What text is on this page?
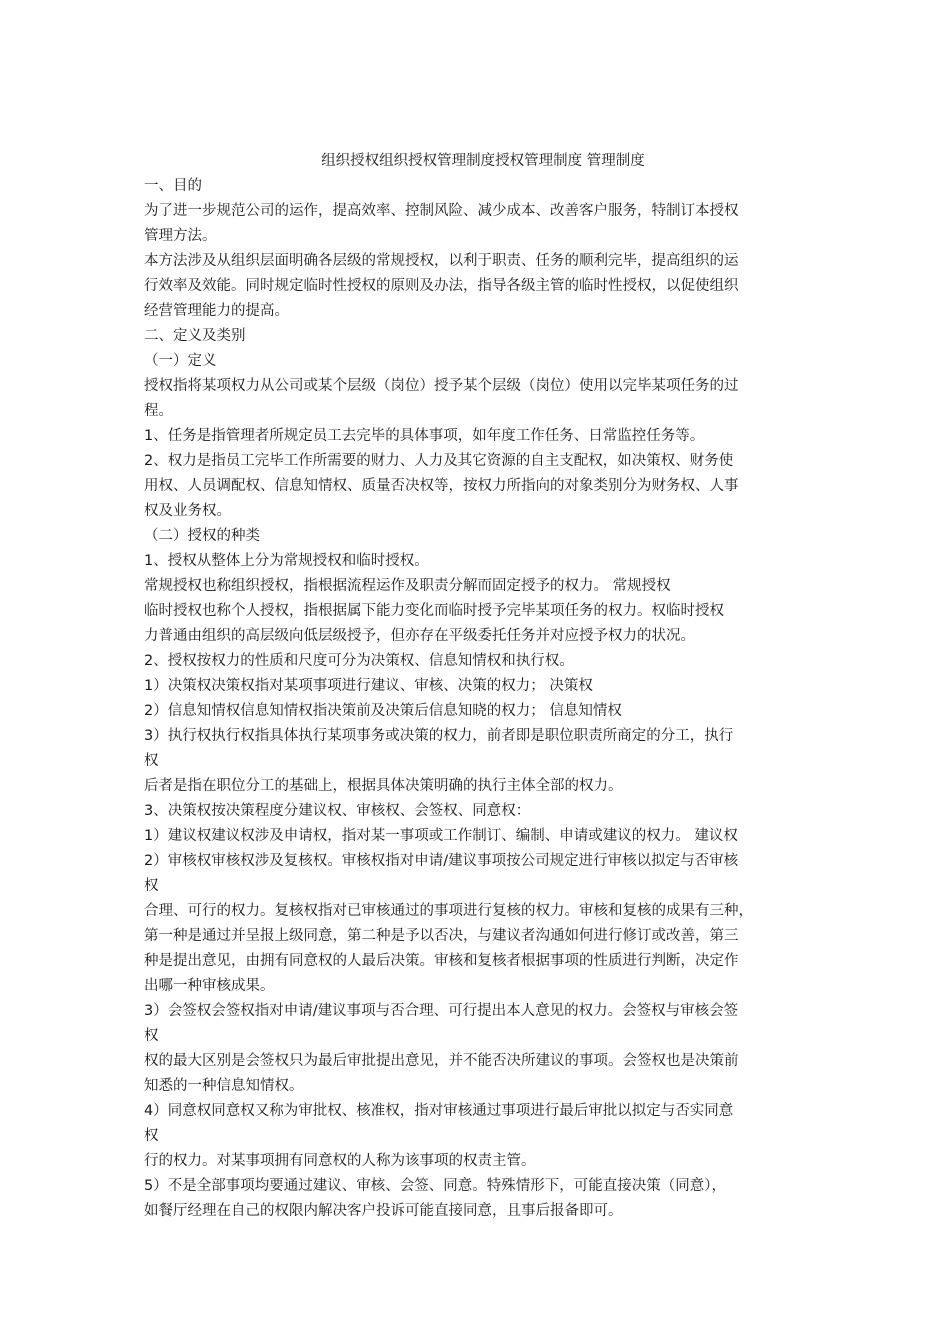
组织授权组织授权管理制度授权管理制度 管理制度
一、目的
为了进一步规范公司的运作，提高效率、控制风险、减少成本、改善客户服务，特制订本授权
管理方法。
本方法涉及从组织层面明确各层级的常规授权，以利于职责、任务的顺利完毕，提高组织的运
行效率及效能。同时规定临时性授权的原则及办法，指导各级主管的临时性授权，以促使组织
经营管理能力的提高。
二、定义及类别
（一）定义
授权指将某项权力从公司或某个层级（岗位）授予某个层级（岗位）使用以完毕某项任务的过
程。
1、任务是指管理者所规定员工去完毕的具体事项，如年度工作任务、日常监控任务等。
2、权力是指员工完毕工作所需要的财力、人力及其它资源的自主支配权，如决策权、财务使
用权、人员调配权、信息知情权、质量否决权等，按权力所指向的对象类别分为财务权、人事
权及业务权。
（二）授权的种类
1、授权从整体上分为常规授权和临时授权。
常规授权也称组织授权，指根据流程运作及职责分解而固定授予的权力。 常规授权
临时授权也称个人授权，指根据属下能力变化而临时授予完毕某项任务的权力。权临时授权
力普通由组织的高层级向低层级授予，但亦存在平级委托任务并对应授予权力的状况。
2、授权按权力的性质和尺度可分为决策权、信息知情权和执行权。
1）决策权决策权指对某项事项进行建议、审核、决策的权力； 决策权
2）信息知情权信息知情权指决策前及决策后信息知晓的权力； 信息知情权
3）执行权执行权指具体执行某项事务或决策的权力，前者即是职位职责所商定的分工，执行
权
后者是指在职位分工的基础上，根据具体决策明确的执行主体全部的权力。
3、决策权按决策程度分建议权、审核权、会签权、同意权：
1）建议权建议权涉及申请权，指对某一事项或工作制订、编制、申请或建议的权力。 建议权
2）审核权审核权涉及复核权。审核权指对申请/建议事项按公司规定进行审核以拟定与否审核
权
合理、可行的权力。复核权指对已审核通过的事项进行复核的权力。审核和复核的成果有三种，
第一种是通过并呈报上级同意，第二种是予以否决，与建议者沟通如何进行修订或改善，第三
种是提出意见，由拥有同意权的人最后决策。审核和复核者根据事项的性质进行判断，决定作
出哪一种审核成果。
3）会签权会签权指对申请/建议事项与否合理、可行提出本人意见的权力。会签权与审核会签
权
权的最大区别是会签权只为最后审批提出意见，并不能否决所建议的事项。会签权也是决策前
知悉的一种信息知情权。
4）同意权同意权又称为审批权、核准权，指对审核通过事项进行最后审批以拟定与否实同意
权
行的权力。对某事项拥有同意权的人称为该事项的权责主管。
5）不是全部事项均要通过建议、审核、会签、同意。特殊情形下，可能直接决策（同意），
如餐厅经理在自己的权限内解决客户投诉可能直接同意，且事后报备即可。
